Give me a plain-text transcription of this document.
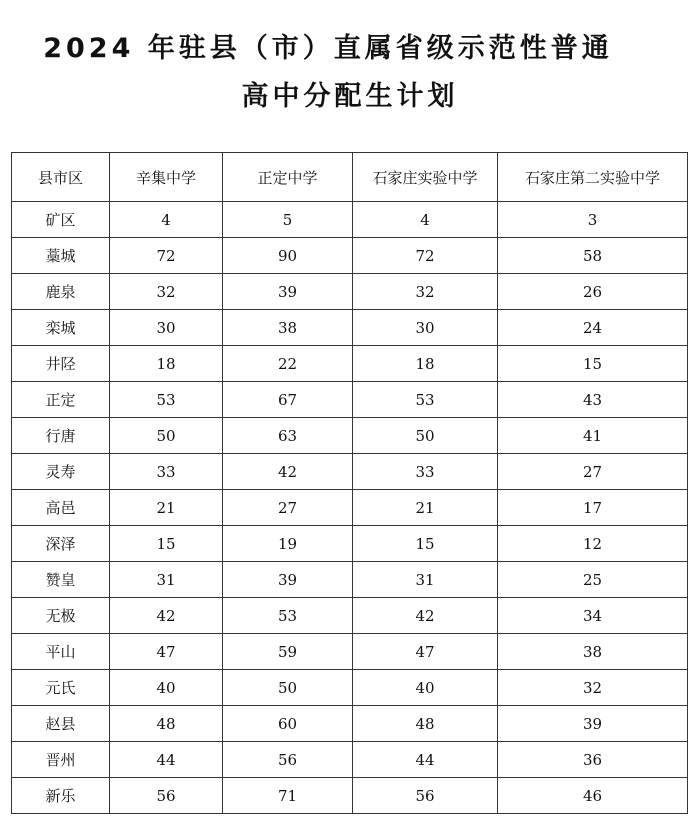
2024 年驻县（市）直属省级示范性普通
高中分配生计划
县市区	辛集中学	正定中学	石家庄实验中学	石家庄第二实验中学
矿区	4	5	4	3
藁城	72	90	72	58
鹿泉	32	39	32	26
栾城	30	38	30	24
井陉	18	22	18	15
正定	53	67	53	43
行唐	50	63	50	41
灵寿	33	42	33	27
高邑	21	27	21	17
深泽	15	19	15	12
赞皇	31	39	31	25
无极	42	53	42	34
平山	47	59	47	38
元氏	40	50	40	32
赵县	48	60	48	39
晋州	44	56	44	36
新乐	56	71	56	46
